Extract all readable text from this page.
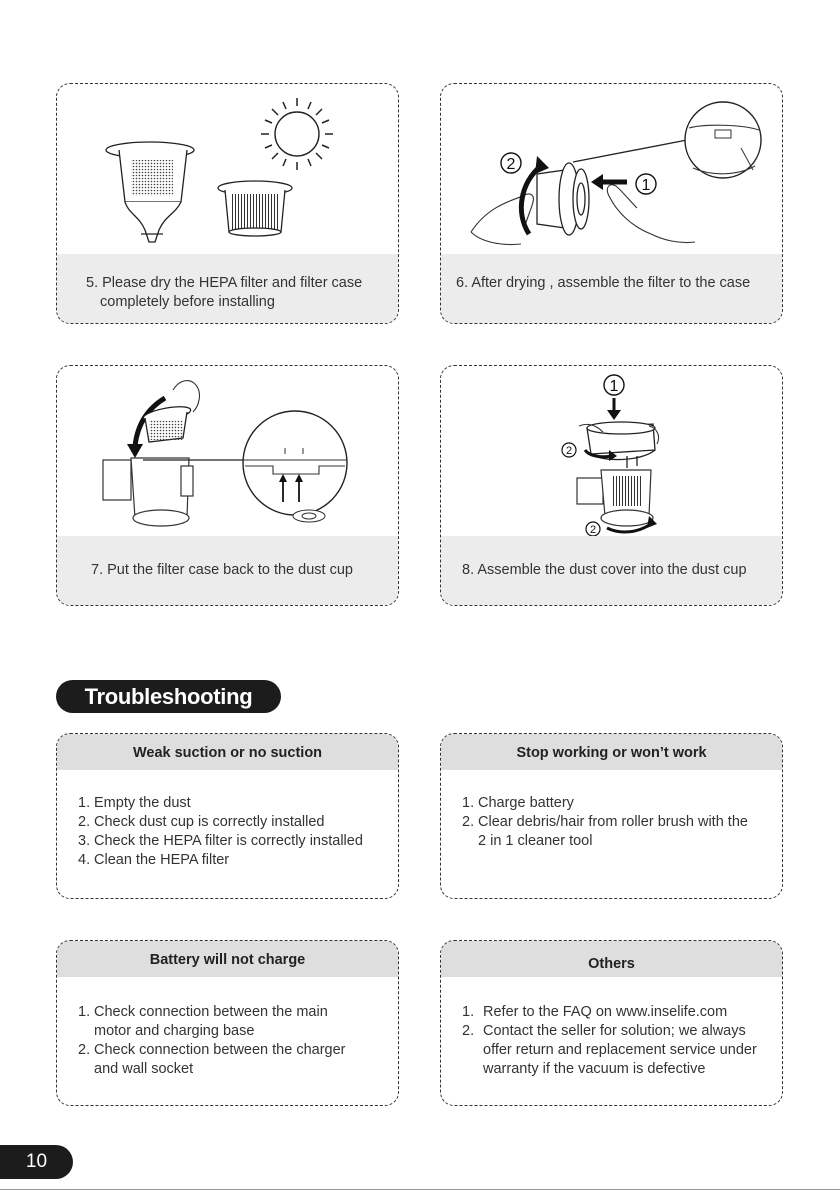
5. Please dry the HEPA filter and filter case
completely before installing
1
2
6. After drying , assemble the filter to the case
7. Put the filter case back to the dust cup
1
2
2
8. Assemble the dust cover into the dust cup
Troubleshooting
Weak suction or no suction
1. Empty the dust
2. Check dust cup is correctly installed
3. Check the HEPA filter is correctly installed
4. Clean the HEPA filter
Stop working or won’t work
1. Charge battery
2. Clear debris/hair from roller brush with the
2 in 1 cleaner tool
Battery will not charge
1. Check connection between the main
motor and charging base
2. Check connection between the charger
and wall socket
Others
1. Refer to the FAQ on www.inselife.com
2. Contact the seller for solution; we always
offer return and replacement service under
warranty if the vacuum is defective
10
